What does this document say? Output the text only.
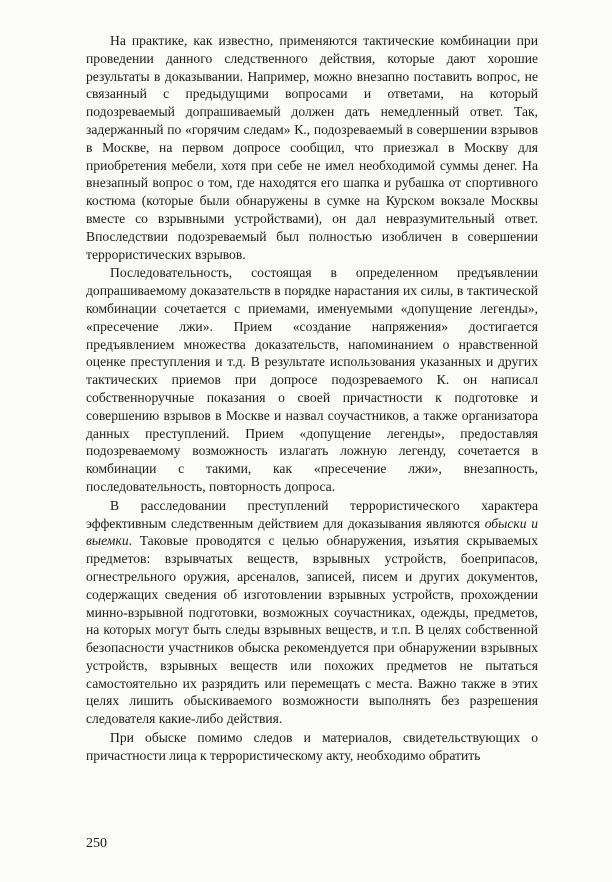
На практике, как известно, применяются тактические комбинации при проведении данного следственного действия, которые дают хорошие результаты в доказывании. Например, можно внезапно поставить вопрос, не связанный с предыдущими вопросами и ответами, на который подозреваемый допрашиваемый должен дать немедленный ответ. Так, задержанный по «горячим следам» К., подозреваемый в совершении взрывов в Москве, на первом допросе сообщил, что приезжал в Москву для приобретения мебели, хотя при себе не имел необходимой суммы денег. На внезапный вопрос о том, где находятся его шапка и рубашка от спортивного костюма (которые были обнаружены в сумке на Курском вокзале Москвы вместе со взрывными устройствами), он дал невразумительный ответ. Впоследствии подозреваемый был полностью изобличен в совершении террористических взрывов.

Последовательность, состоящая в определенном предъявлении допрашиваемому доказательств в порядке нарастания их силы, в тактической комбинации сочетается с приемами, именуемыми «допущение легенды», «пресечение лжи». Прием «создание напряжения» достигается предъявлением множества доказательств, напоминанием о нравственной оценке преступления и т.д. В результате использования указанных и других тактических приемов при допросе подозреваемого К. он написал собственноручные показания о своей причастности к подготовке и совершению взрывов в Москве и назвал соучастников, а также организатора данных преступлений. Прием «допущение легенды», предоставляя подозреваемому возможность излагать ложную легенду, сочетается в комбинации с такими, как «пресечение лжи», внезапность, последовательность, повторность допроса.

В расследовании преступлений террористического характера эффективным следственным действием для доказывания являются обыски и выемки. Таковые проводятся с целью обнаружения, изъятия скрываемых предметов: взрывчатых веществ, взрывных устройств, боеприпасов, огнестрельного оружия, арсеналов, записей, писем и других документов, содержащих сведения об изготовлении взрывных устройств, прохождении минно-взрывной подготовки, возможных соучастниках, одежды, предметов, на которых могут быть следы взрывных веществ, и т.п. В целях собственной безопасности участников обыска рекомендуется при обнаружении взрывных устройств, взрывных веществ или похожих предметов не пытаться самостоятельно их разрядить или перемещать с места. Важно также в этих целях лишить обыскиваемого возможности выполнять без разрешения следователя какие-либо действия.

При обыске помимо следов и материалов, свидетельствующих о причастности лица к террористическому акту, необходимо обратить

250
